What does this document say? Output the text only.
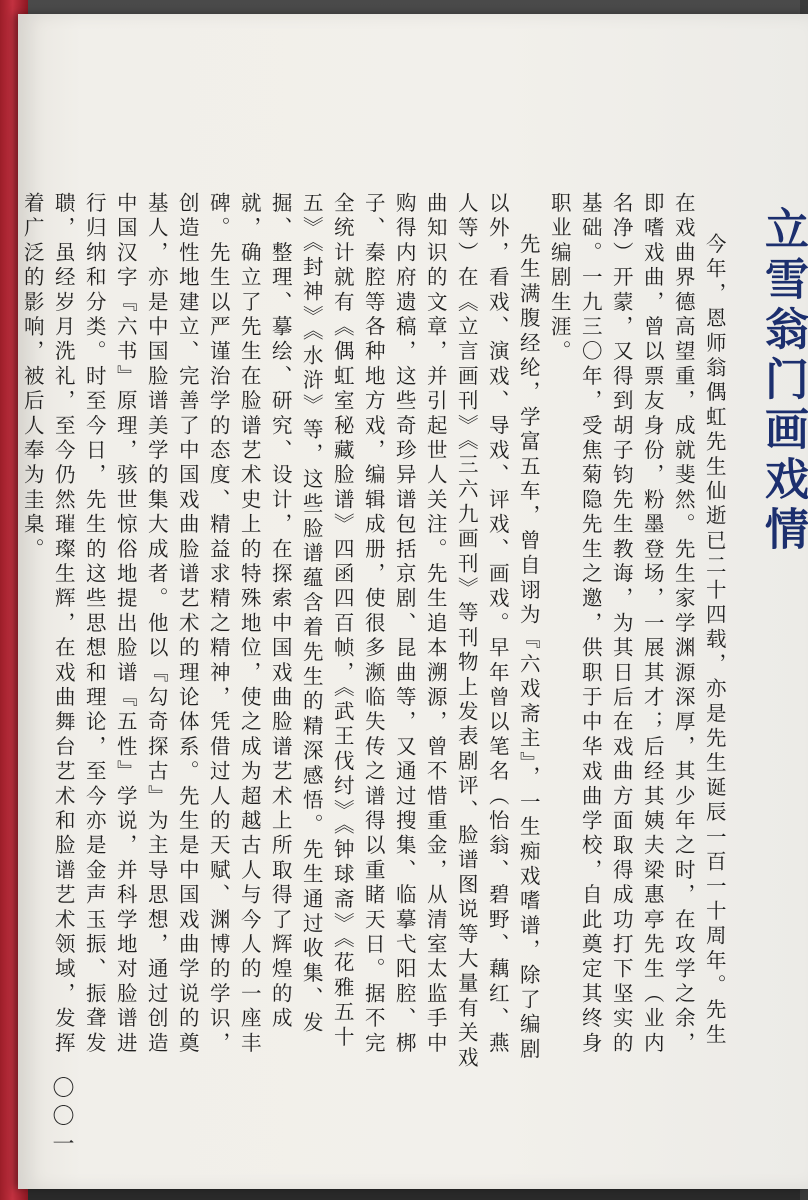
立雪翁门画戏情

今年，恩师翁偶虹先生仙逝已二十四载，亦是先生诞辰一百一十周年。先生在戏曲界德高望重，成就斐然。先生家学渊源深厚，其少年之时，在攻学之余，即嗜戏曲，曾以票友身份，粉墨登场，一展其才；后经其姨夫梁惠亭先生（业内名净）开蒙，又得到胡子钧先生教诲，为其日后在戏曲方面取得成功打下坚实的基础。一九三〇年，受焦菊隐先生之邀，供职于中华戏曲学校，自此奠定其终身职业编剧生涯。

先生满腹经纶，学富五车，曾自诩为『六戏斋主』，一生痴戏嗜谱，除了编剧以外，看戏、演戏、导戏、评戏、画戏。早年曾以笔名（怡翁、碧野、藕红、燕人等）在《立言画刊》《三六九画刊》等刊物上发表剧评、脸谱图说等大量有关戏曲知识的文章，并引起世人关注。先生追本溯源，曾不惜重金，从清室太监手中购得内府遗稿，这些奇珍异谱包括京剧、昆曲等，又通过搜集、临摹弋阳腔、梆子、秦腔等各种地方戏，编辑成册，使很多濒临失传之谱得以重睹天日。据不完全统计就有《偶虹室秘藏脸谱》四函四百帧，《武王伐纣》《钟球斋》《花雅五十五》《封神》《水浒》等，这些脸谱蕴含着先生的精深感悟。先生通过收集、发掘、整理、摹绘、研究、设计，在探索中国戏曲脸谱艺术上所取得了辉煌的成就，确立了先生在脸谱艺术史上的特殊地位，使之成为超越古人与今人的一座丰碑。先生以严谨治学的态度、精益求精之精神，凭借过人的天赋、渊博的学识，创造性地建立、完善了中国戏曲脸谱艺术的理论体系。先生是中国戏曲学说的奠基人，亦是中国脸谱美学的集大成者。他以『勾奇探古』为主导思想，通过创造中国汉字『六书』原理，骇世惊俗地提出脸谱『五性』学说，并科学地对脸谱进行归纳和分类。时至今日，先生的这些思想和理论，至今亦是金声玉振、振聋发聩，虽经岁月洗礼，至今仍然璀璨生辉，在戏曲舞台艺术和脸谱艺术领域，发挥着广泛的影响，被后人奉为圭臬。

〇〇一
